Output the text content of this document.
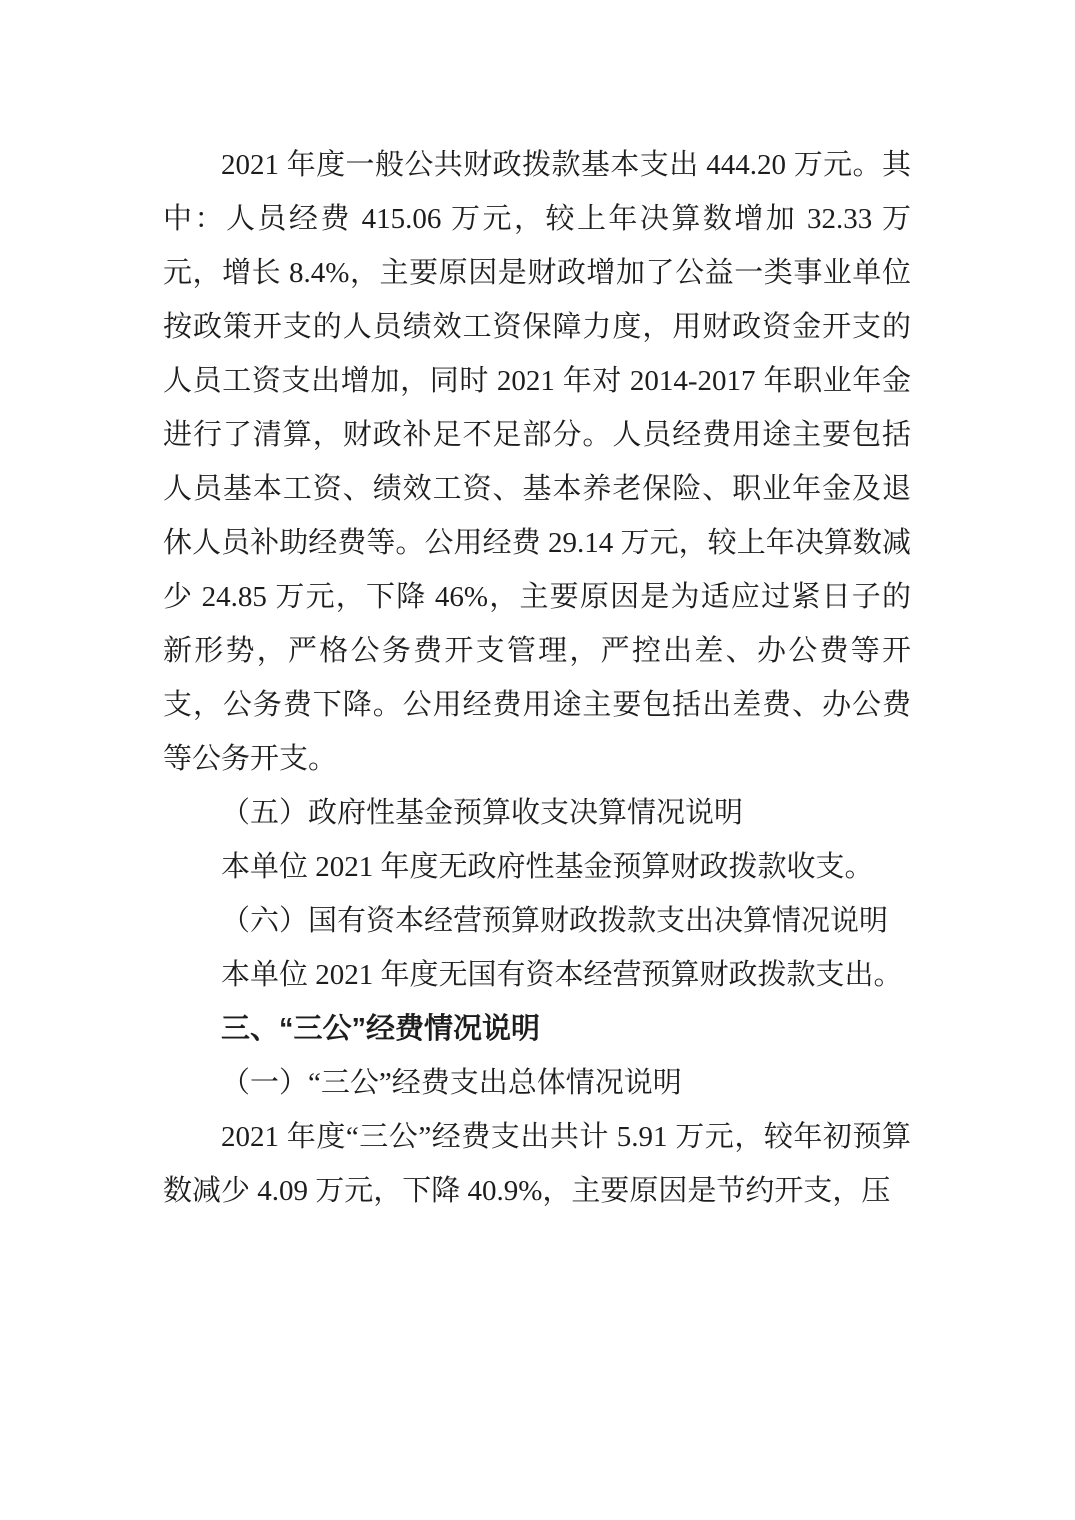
2021 年度一般公共财政拨款基本支出 444.20 万元。其中：人员经费 415.06 万元，较上年决算数增加 32.33 万元，增长 8.4%，主要原因是财政增加了公益一类事业单位按政策开支的人员绩效工资保障力度，用财政资金开支的人员工资支出增加，同时 2021 年对 2014-2017 年职业年金进行了清算，财政补足不足部分。人员经费用途主要包括人员基本工资、绩效工资、基本养老保险、职业年金及退休人员补助经费等。公用经费 29.14 万元，较上年决算数减少 24.85 万元，下降 46%，主要原因是为适应过紧日子的新形势，严格公务费开支管理，严控出差、办公费等开支，公务费下降。公用经费用途主要包括出差费、办公费等公务开支。

（五）政府性基金预算收支决算情况说明

本单位 2021 年度无政府性基金预算财政拨款收支。

（六）国有资本经营预算财政拨款支出决算情况说明

本单位 2021 年度无国有资本经营预算财政拨款支出。

三、“三公”经费情况说明
（一）“三公”经费支出总体情况说明

2021 年度“三公”经费支出共计 5.91 万元，较年初预算数减少 4.09 万元，下降 40.9%，主要原因是节约开支，压
